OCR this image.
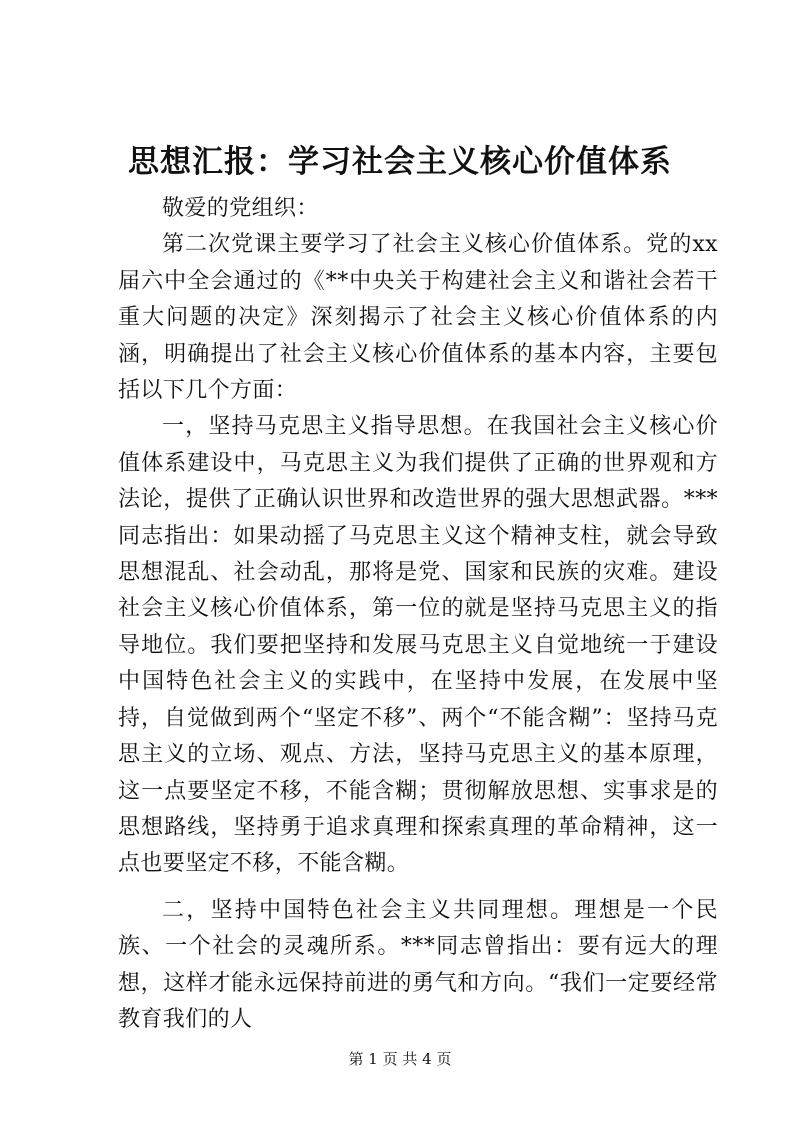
思想汇报：学习社会主义核心价值体系

敬爱的党组织：

第二次党课主要学习了社会主义核心价值体系。党的xx届六中全会通过的《**中央关于构建社会主义和谐社会若干重大问题的决定》深刻揭示了社会主义核心价值体系的内涵，明确提出了社会主义核心价值体系的基本内容，主要包括以下几个方面：

一，坚持马克思主义指导思想。在我国社会主义核心价值体系建设中，马克思主义为我们提供了正确的世界观和方法论，提供了正确认识世界和改造世界的强大思想武器。***同志指出：如果动摇了马克思主义这个精神支柱，就会导致思想混乱、社会动乱，那将是党、国家和民族的灾难。建设社会主义核心价值体系，第一位的就是坚持马克思主义的指导地位。我们要把坚持和发展马克思主义自觉地统一于建设中国特色社会主义的实践中，在坚持中发展，在发展中坚持，自觉做到两个“坚定不移”、两个“不能含糊”：坚持马克思主义的立场、观点、方法，坚持马克思主义的基本原理，这一点要坚定不移，不能含糊；贯彻解放思想、实事求是的思想路线，坚持勇于追求真理和探索真理的革命精神，这一点也要坚定不移，不能含糊。

二，坚持中国特色社会主义共同理想。理想是一个民族、一个社会的灵魂所系。***同志曾指出：要有远大的理想，这样才能永远保持前进的勇气和方向。“我们一定要经常教育我们的人

第 1 页 共 4 页
